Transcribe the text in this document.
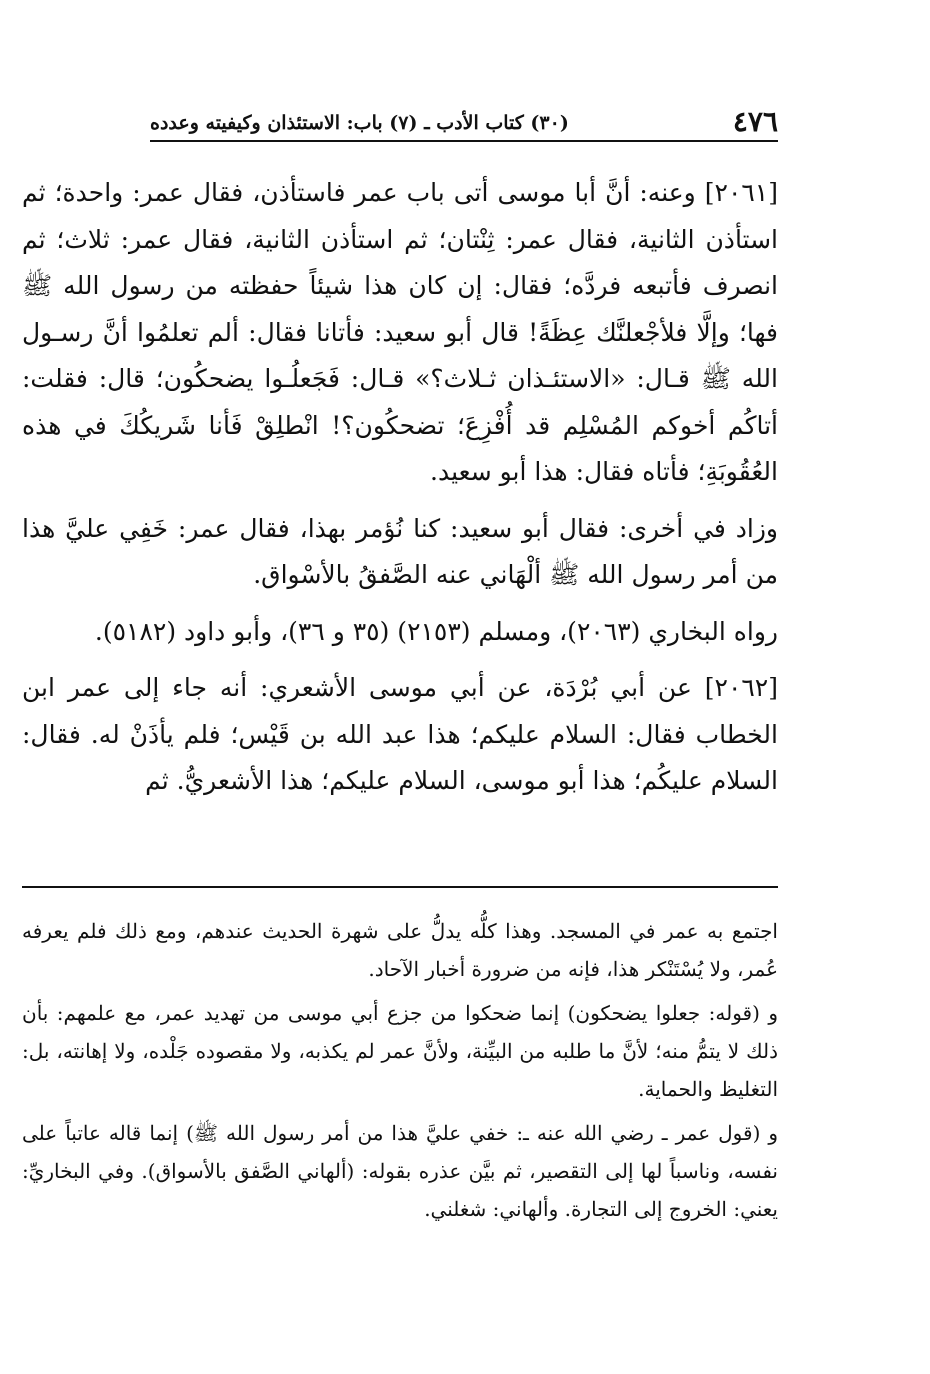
٤٧٦
(٣٠) كتاب الأدب ـ (٧) باب: الاستئذان وكيفيته وعدده

[٢٠٦١] وعنه: أنَّ أبا موسى أتى باب عمر فاستأذن، فقال عمر: واحدة؛ ثم استأذن الثانية، فقال عمر: ثِنْتان؛ ثم استأذن الثانية، فقال عمر: ثلاث؛ ثم انصرف فأتبعه فردَّه؛ فقال: إن كان هذا شيئاً حفظته من رسول الله ﷺ فها؛ وإلَّا فلأجْعلنَّك عِظَةً! قال أبو سعيد: فأتانا فقال: ألم تعلمُوا أنَّ رسـول الله ﷺ قـال: «الاستئـذان ثـلاث؟» قـال: فَجَعلُـوا يضحكُون؛ قال: فقلت: أتاكُم أخوكم المُسْلِم قد أُفْزِعَ؛ تضحكُون؟! انْطلِقْ فَأنا شَريكُكَ في هذه العُقُوبَةِ؛ فأتاه فقال: هذا أبو سعيد.

وزاد في أخرى: فقال أبو سعيد: كنا نُؤمر بهذا، فقال عمر: خَفِي عليَّ هذا من أمر رسول الله ﷺ ألْهَاني عنه الصَّفقُ بالأسْواق.

رواه البخاري (٢٠٦٣)، ومسلم (٢١٥٣) (٣٥ و ٣٦)، وأبو داود (٥١٨٢).

[٢٠٦٢] عن أبي بُرْدَة، عن أبي موسى الأشعري: أنه جاء إلى عمر ابن الخطاب فقال: السلام عليكم؛ هذا عبد الله بن قَيْس؛ فلم يأذَنْ له. فقال: السلام عليكُم؛ هذا أبو موسى، السلام عليكم؛ هذا الأشعريُّ. ثم

اجتمع به عمر في المسجد. وهذا كلُّه يدلُّ على شهرة الحديث عندهم، ومع ذلك فلم يعرفه عُمر، ولا يُسْتَنْكر هذا، فإنه من ضرورة أخبار الآحاد.

و (قوله: جعلوا يضحكون) إنما ضحكوا من جزع أبي موسى من تهديد عمر، مع علمهم: بأن ذلك لا يتمُّ منه؛ لأنَّ ما طلبه من البيِّنة، ولأنَّ عمر لم يكذبه، ولا مقصوده جَلْده، ولا إهانته، بل: التغليظ والحماية.

و (قول عمر ـ رضي الله عنه ـ: خفي عليَّ هذا من أمر رسول الله ﷺ) إنما قاله عاتباً على نفسه، وناسباً لها إلى التقصير، ثم بيَّن عذره بقوله: (ألهاني الصَّفق بالأسواق). وفي البخاريِّ: يعني: الخروج إلى التجارة. وألهاني: شغلني.
